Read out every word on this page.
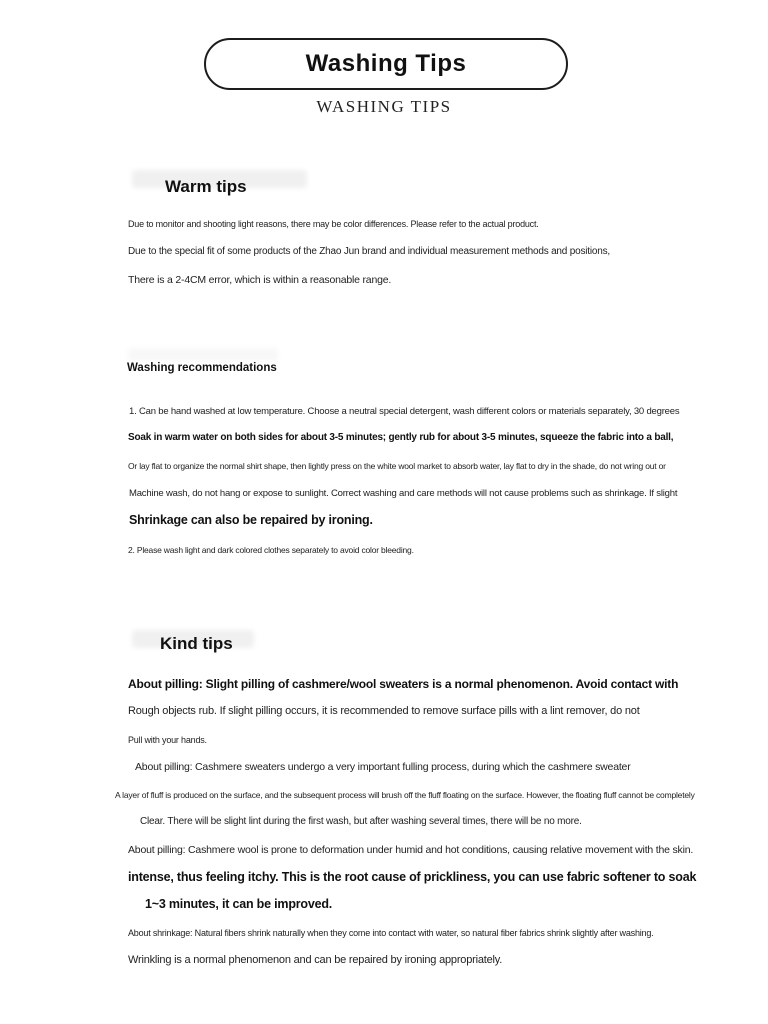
Washing Tips
WASHING TIPS
Warm tips

Due to monitor and shooting light reasons, there may be color differences. Please refer to the actual product.

Due to the special fit of some products of the Zhao Jun brand and individual measurement methods and positions,

There is a 2-4CM error, which is within a reasonable range.

Washing recommendations

1. Can be hand washed at low temperature. Choose a neutral special detergent, wash different colors or materials separately, 30 degrees

Soak in warm water on both sides for about 3-5 minutes; gently rub for about 3-5 minutes, squeeze the fabric into a ball,

Or lay flat to organize the normal shirt shape, then lightly press on the white wool market to absorb water, lay flat to dry in the shade, do not wring out or

Machine wash, do not hang or expose to sunlight. Correct washing and care methods will not cause problems such as shrinkage. If slight

Shrinkage can also be repaired by ironing.

2. Please wash light and dark colored clothes separately to avoid color bleeding.

Kind tips

About pilling: Slight pilling of cashmere/wool sweaters is a normal phenomenon. Avoid contact with

Rough objects rub. If slight pilling occurs, it is recommended to remove surface pills with a lint remover, do not

Pull with your hands.

About pilling: Cashmere sweaters undergo a very important fulling process, during which the cashmere sweater

A layer of fluff is produced on the surface, and the subsequent process will brush off the fluff floating on the surface. However, the floating fluff cannot be completely

Clear. There will be slight lint during the first wash, but after washing several times, there will be no more.

About pilling: Cashmere wool is prone to deformation under humid and hot conditions, causing relative movement with the skin.

intense, thus feeling itchy. This is the root cause of prickliness, you can use fabric softener to soak

1~3 minutes, it can be improved.

About shrinkage: Natural fibers shrink naturally when they come into contact with water, so natural fiber fabrics shrink slightly after washing.

Wrinkling is a normal phenomenon and can be repaired by ironing appropriately.
